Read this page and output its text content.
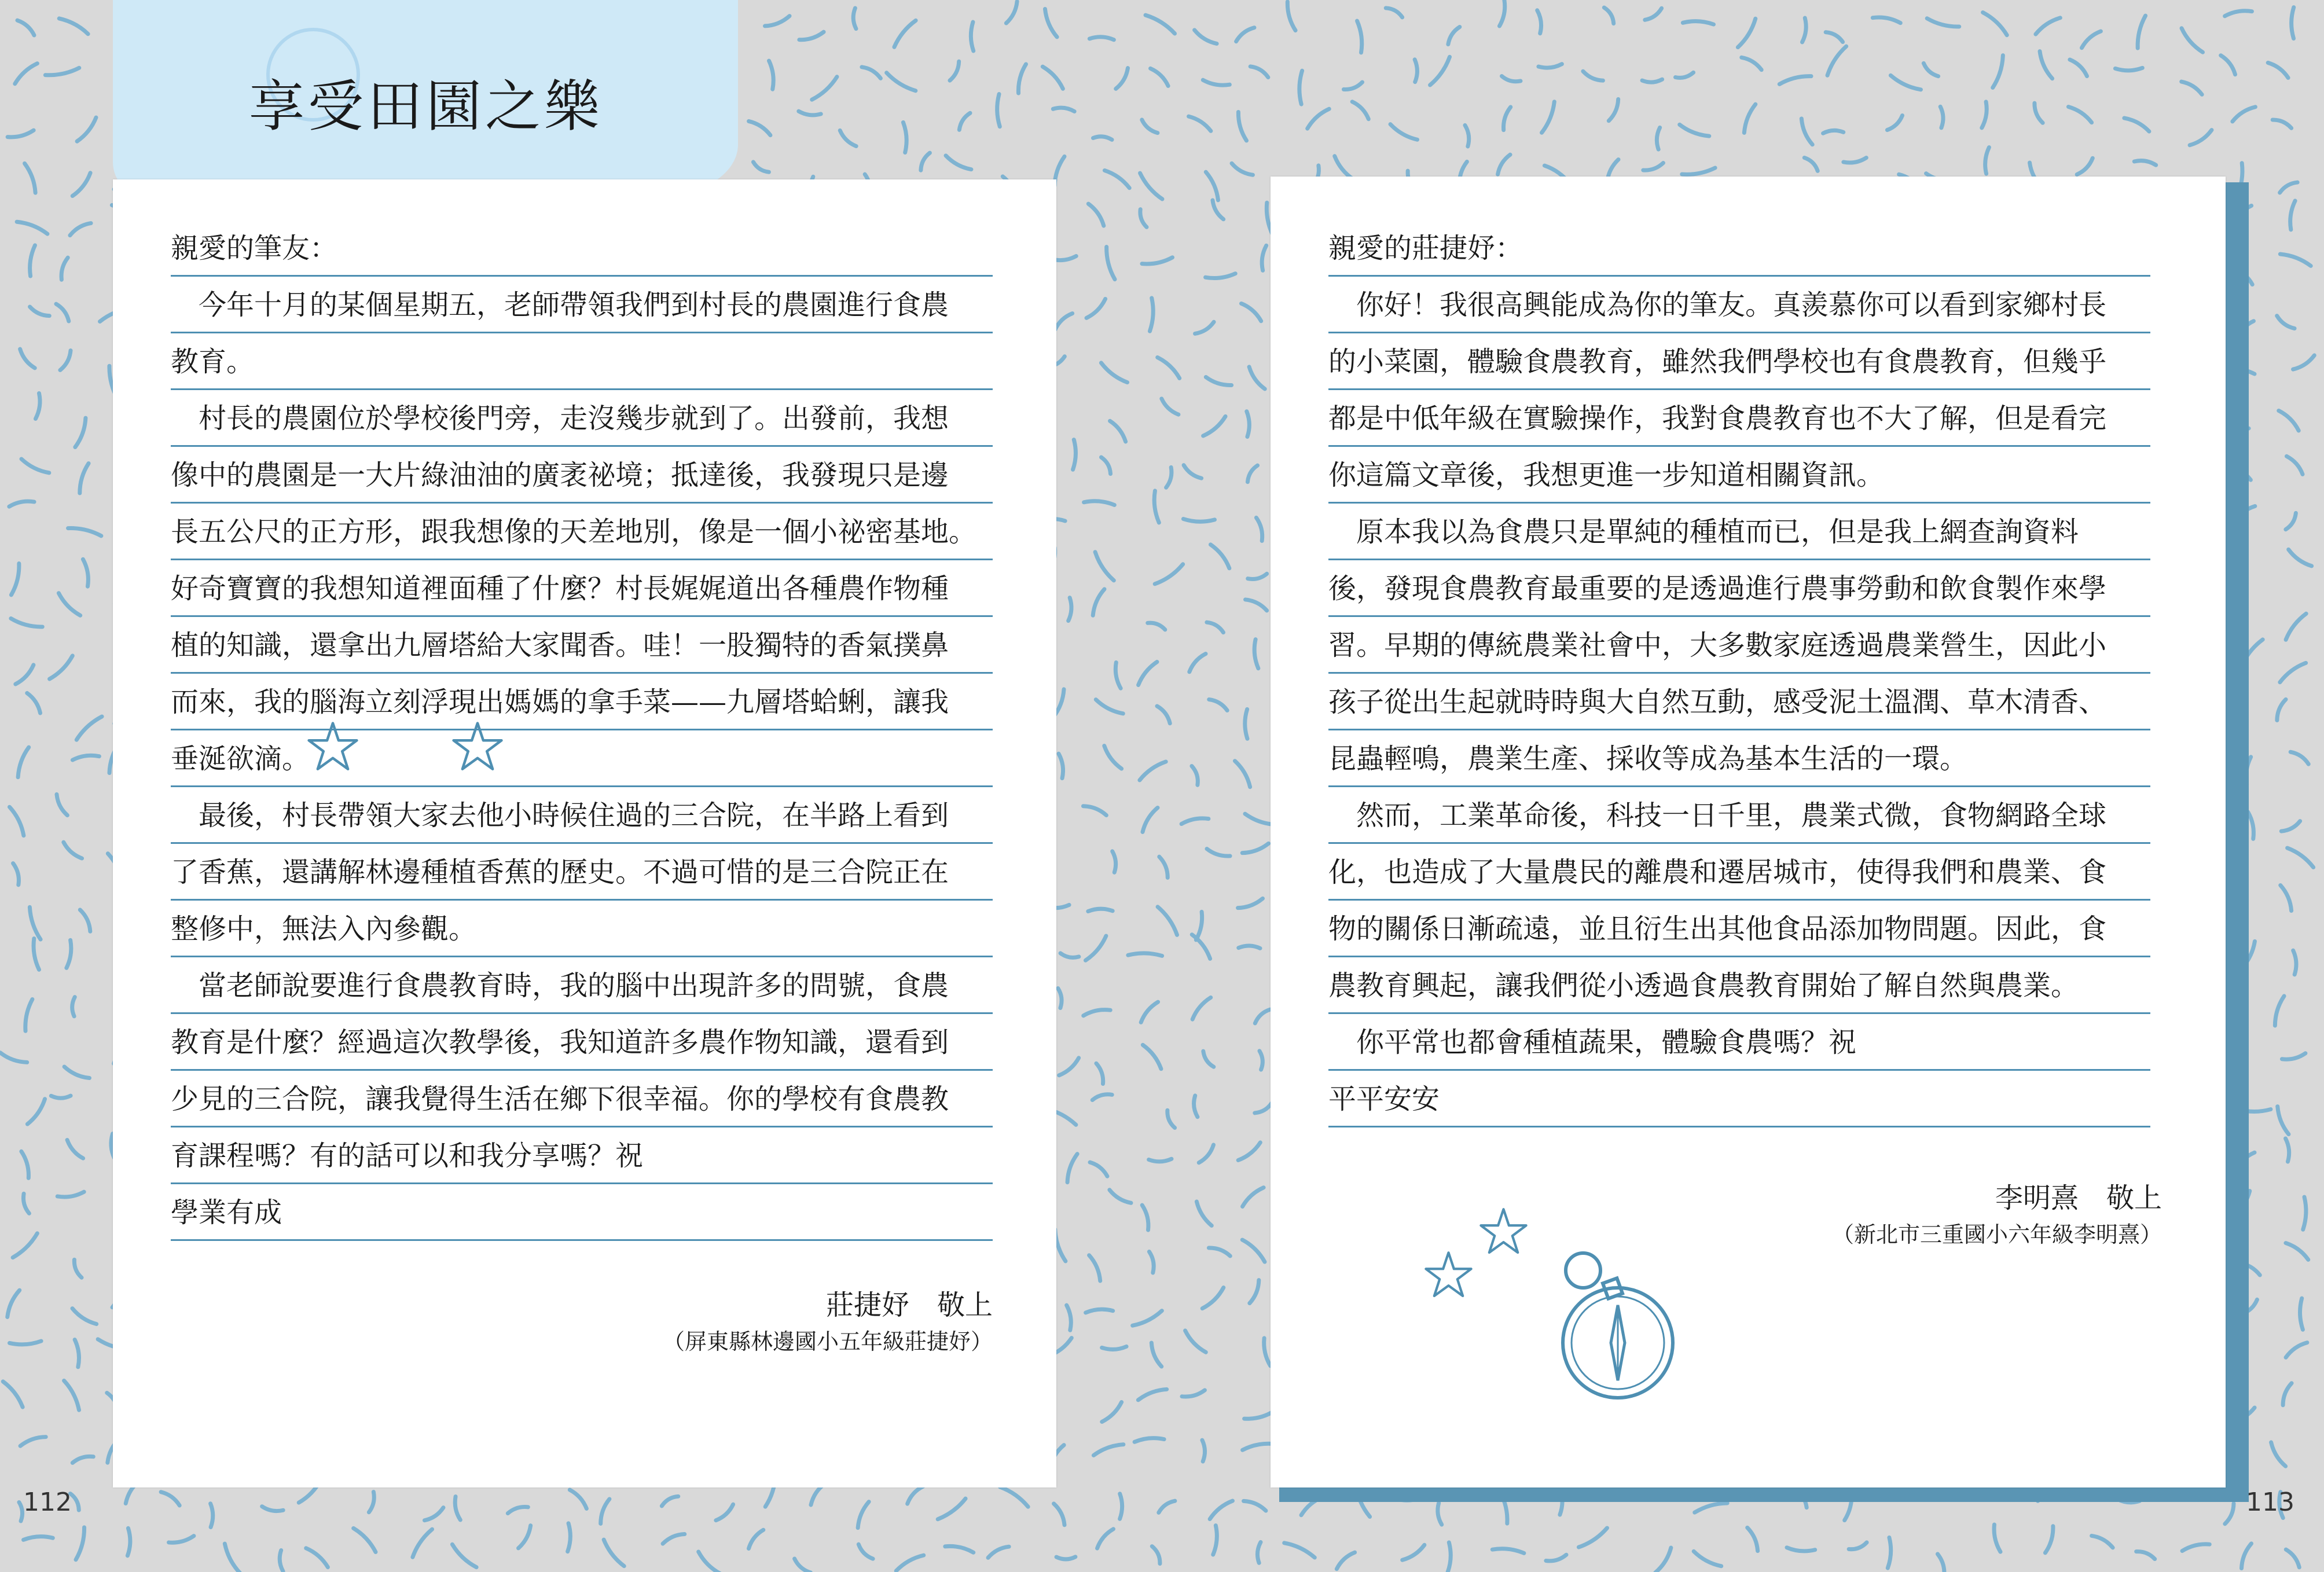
享受田園之樂
親愛的筆友：
　今年十月的某個星期五，老師帶領我們到村長的農園進行食農
教育。
　村長的農園位於學校後門旁，走沒幾步就到了。出發前，我想
像中的農園是一大片綠油油的廣袤祕境；抵達後，我發現只是邊
長五公尺的正方形，跟我想像的天差地別，像是一個小祕密基地。
好奇寶寶的我想知道裡面種了什麼？村長娓娓道出各種農作物種
植的知識，還拿出九層塔給大家聞香。哇！一股獨特的香氣撲鼻
而來，我的腦海立刻浮現出媽媽的拿手菜——九層塔蛤蜊，讓我
垂涎欲滴。
　最後，村長帶領大家去他小時候住過的三合院，在半路上看到
了香蕉，還講解林邊種植香蕉的歷史。不過可惜的是三合院正在
整修中，無法入內參觀。
　當老師說要進行食農教育時，我的腦中出現許多的問號，食農
教育是什麼？經過這次教學後，我知道許多農作物知識，還看到
少見的三合院，讓我覺得生活在鄉下很幸福。你的學校有食農教
育課程嗎？有的話可以和我分享嗎？祝
學業有成
莊捷妤　敬上
（屏東縣林邊國小五年級莊捷妤）
親愛的莊捷妤：
　你好！我很高興能成為你的筆友。真羨慕你可以看到家鄉村長
的小菜園，體驗食農教育，雖然我們學校也有食農教育，但幾乎
都是中低年級在實驗操作，我對食農教育也不大了解，但是看完
你這篇文章後，我想更進一步知道相關資訊。
　原本我以為食農只是單純的種植而已，但是我上網查詢資料
後，發現食農教育最重要的是透過進行農事勞動和飲食製作來學
習。早期的傳統農業社會中，大多數家庭透過農業營生，因此小
孩子從出生起就時時與大自然互動，感受泥土溫潤、草木清香、
昆蟲輕鳴，農業生產、採收等成為基本生活的一環。
　然而，工業革命後，科技一日千里，農業式微，食物網路全球
化，也造成了大量農民的離農和遷居城市，使得我們和農業、食
物的關係日漸疏遠，並且衍生出其他食品添加物問題。因此，食
農教育興起，讓我們從小透過食農教育開始了解自然與農業。
　你平常也都會種植蔬果，體驗食農嗎？祝
平平安安
李明熹　敬上
（新北市三重國小六年級李明熹）
112	113
